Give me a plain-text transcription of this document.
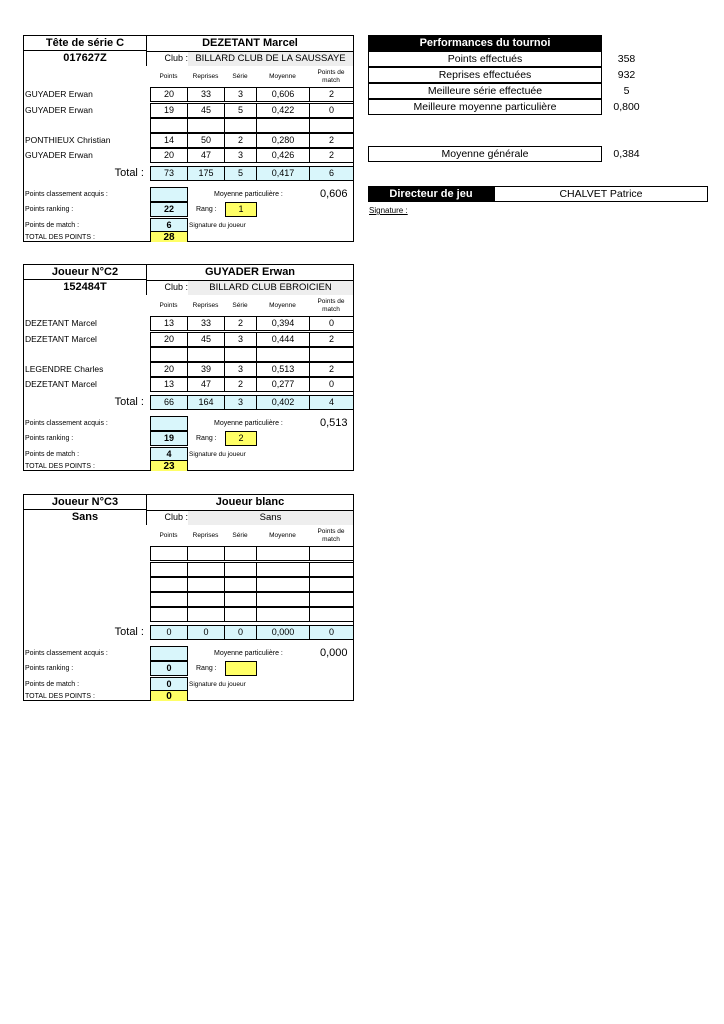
Tête de série C	DEZETANT Marcel
017627Z	Club : BILLARD CLUB DE LA SAUSSAYE
Points	Reprises	Série	Moyenne
Points de match
GUYADER Erwan	20	33	3	0,606	2
GUYADER Erwan	19	45	5	0,422	0
PONTHIEUX Christian	14	50	2	0,280	2
GUYADER Erwan	20	47	3	0,426	2
Total :	73	175	5	0,417	6
Points classement acquis :	Moyenne particulière :	0,606
Points ranking :	22	Rang :	1
Points de match :	6	Signature du joueur
TOTAL DES POINTS :	28
Joueur N°C2	GUYADER Erwan
152484T	Club :	BILLARD CLUB EBROICIEN
Points	Reprises	Série	Moyenne
Points de match
DEZETANT Marcel	13	33	2	0,394	0
DEZETANT Marcel	20	45	3	0,444	2
LEGENDRE Charles	20	39	3	0,513	2
DEZETANT Marcel	13	47	2	0,277	0
Total :	66	164	3	0,402	4
Points classement acquis :	Moyenne particulière :	0,513
Points ranking :	19	Rang :	2
Points de match :	4	Signature du joueur
TOTAL DES POINTS :	23
Joueur N°C3	Joueur blanc
Sans	Club :	Sans
Points	Reprises	Série	Moyenne
Points de match
Total :	0	0	0	0,000	0
Points classement acquis :	Moyenne particulière :	0,000
Points ranking :	0	Rang :
Points de match :	0	Signature du joueur
TOTAL DES POINTS :	0
Performances du tournoi
Points effectués	358
Reprises effectuées	932
Meilleure série effectuée	5
Meilleure moyenne particulière	0,800
Moyenne générale	0,384
Directeur de jeu	CHALVET Patrice
Signature :
